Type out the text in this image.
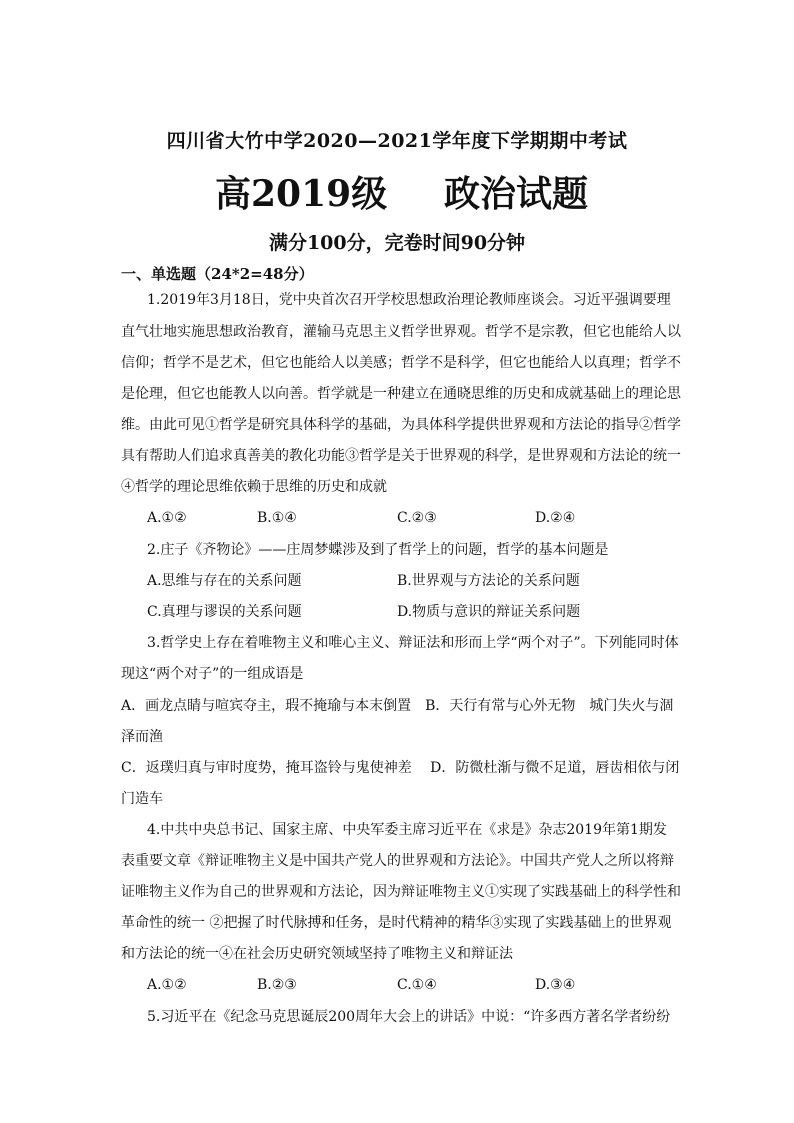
四川省大竹中学2020—2021学年度下学期期中考试
高2019级 政治试题
满分100分，完卷时间90分钟
一、单选题（24*2=48分）
1.2019年3月18日，党中央首次召开学校思想政治理论教师座谈会。习近平强调要理
直气壮地实施思想政治教育，灌输马克思主义哲学世界观。哲学不是宗教，但它也能给人以
信仰；哲学不是艺术，但它也能给人以美感；哲学不是科学，但它也能给人以真理；哲学不
是伦理，但它也能教人以向善。哲学就是一种建立在通晓思维的历史和成就基础上的理论思
维。由此可见①哲学是研究具体科学的基础，为具体科学提供世界观和方法论的指导②哲学
具有帮助人们追求真善美的教化功能③哲学是关于世界观的科学，是世界观和方法论的统一
④哲学的理论思维依赖于思维的历史和成就
A.①②	B.①④	C.②③	D.②④
2.庄子《齐物论》——庄周梦蝶涉及到了哲学上的问题，哲学的基本问题是
A.思维与存在的关系问题	B.世界观与方法论的关系问题
C.真理与谬误的关系问题	D.物质与意识的辩证关系问题
3.哲学史上存在着唯物主义和唯心主义、辩证法和形而上学“两个对子”。下列能同时体
现这“两个对子”的一组成语是
A．画龙点睛与喧宾夺主，瑕不掩瑜与本末倒置　B．天行有常与心外无物　城门失火与涸
泽而渔
C．返璞归真与审时度势，掩耳盗铃与鬼使神差　 D．防微杜渐与微不足道，唇齿相依与闭
门造车
4.中共中央总书记、国家主席、中央军委主席习近平在《求是》杂志2019年第1期发
表重要文章《辩证唯物主义是中国共产党人的世界观和方法论》。中国共产党人之所以将辩
证唯物主义作为自己的世界观和方法论，因为辩证唯物主义①实现了实践基础上的科学性和
革命性的统一 ②把握了时代脉搏和任务，是时代精神的精华③实现了实践基础上的世界观
和方法论的统一④在社会历史研究领域坚持了唯物主义和辩证法
A.①②	B.②③	C.①④	D.③④
5.习近平在《纪念马克思诞辰200周年大会上的讲话》中说：“许多西方著名学者纷纷
